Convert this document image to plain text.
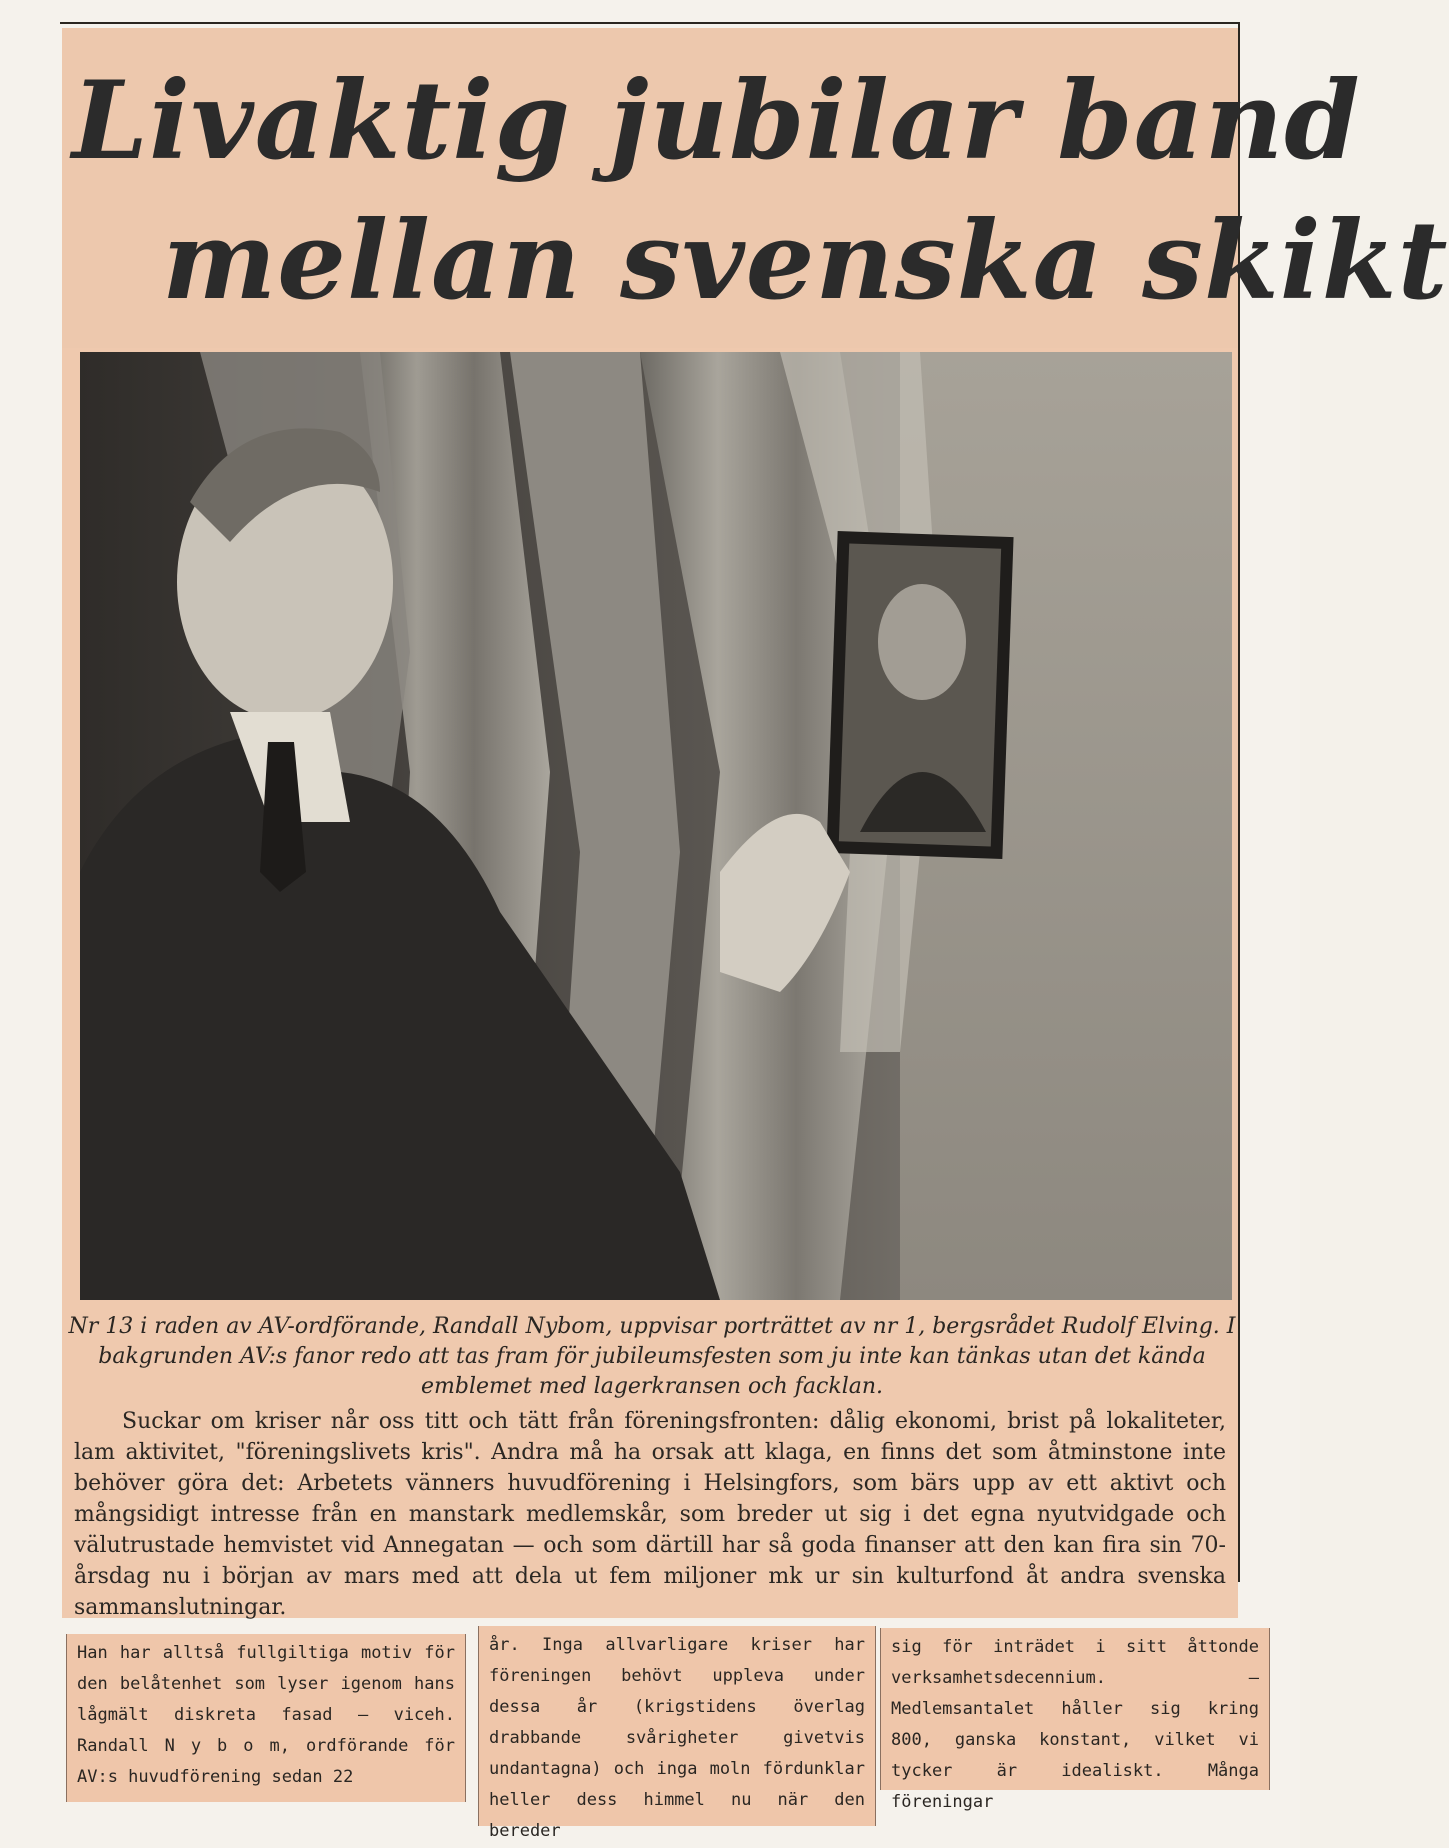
Livaktig jubilar band
mellan svenska skikt
Nr 13 i raden av AV-ordförande, Randall Nybom, uppvisar porträttet av nr 1, bergsrådet Rudolf Elving. I bakgrunden AV:s fanor redo att tas fram för jubileumsfesten som ju inte kan tänkas utan det kända emblemet med lagerkransen och facklan.
Suckar om kriser når oss titt och tätt från föreningsfronten: dålig ekonomi, brist på lokaliteter, lam aktivitet, "föreningslivets kris". Andra må ha orsak att klaga, en finns det som åtminstone inte behöver göra det: Arbetets vänners huvudförening i Helsingfors, som bärs upp av ett aktivt och mångsidigt intresse från en manstark medlemskår, som breder ut sig i det egna nyutvidgade och välutrustade hemvistet vid Annegatan — och som därtill har så goda finanser att den kan fira sin 70-årsdag nu i början av mars med att dela ut fem miljoner mk ur sin kulturfond åt andra svenska sammanslutningar.
Han har alltså fullgiltiga motiv för den belåtenhet som lyser igenom hans lågmält diskreta fasad — viceh. Randall N y b o m, ordförande för AV:s huvudförening sedan 22
år. Inga allvarligare kriser har föreningen behövt uppleva under dessa år (krigstidens överlag drabbande svårigheter givetvis undantagna) och inga moln fördunklar heller dess himmel nu när den bereder
sig för inträdet i sitt åttonde verksamhetsdecennium. — Medlemsantalet håller sig kring 800, ganska konstant, vilket vi tycker är idealiskt. Många föreningar
